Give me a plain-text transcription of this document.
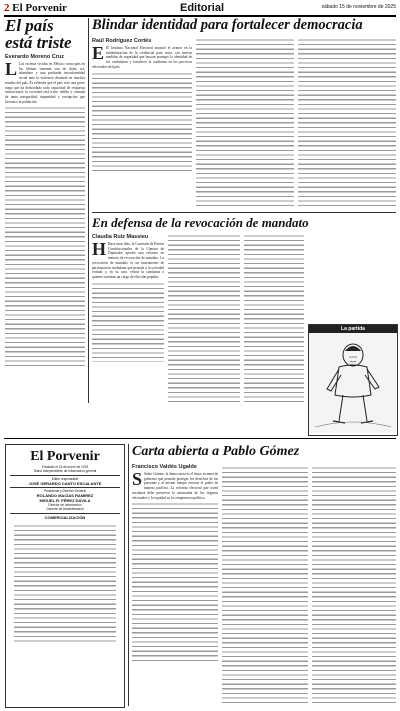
2 El Porvenir	Editorial	sábado 15 de noviembre de 2025
El país
está triste
Everardo Moreno Cruz
L Las escenas vividas en México como país en las últimas semanas son de dolor, ira, abandono y una profunda inconformidad social ante la violencia desatada en muchos estados del país. Es evidente que el país vive una grave etapa que ha desbordado toda capacidad de respuesta institucional; la sociedad está triste, dolida y cansada de tanta inseguridad, impunidad y corrupción que laceran a la población.
Blindar identidad para fortalecer democracia
Raúl Rodríguez Cortés
E El Instituto Nacional Electoral anunció el avance en la modernización de la credencial para votar, con nuevas medidas de seguridad que buscan proteger la identidad de los ciudadanos y fortalecer la confianza en los procesos electorales del país.
En defensa de la revocación de mandato
Claudia Ruiz Massieu
H Hace unos días, la Comisión de Puntos Constitucionales de la Cámara de Diputados aprobó una reforma en materia de revocación de mandato. La revocación de mandato es un instrumento de participación ciudadana que permite a la sociedad evaluar y, en su caso, retirar la confianza a quienes ostentan un cargo de elección popular.
La partida
El Porvenir
Fundado el 31 de enero de 1919
Diario independiente de información general
Editor responsable
JOSÉ GERARDO CANTÚ ESCALANTE
Presidente y Director General
ROLANDO MACÍAS RAMÍREZ
MIGUEL R. PÉREZ DÁVILA
Director de Información
Gerente de Administración
COMERCIALIZACIÓN
Carta abierta a Pablo Gómez
Francisco Valdés Ugalde
S Señor Gómez: la democracia es el único sistema de gobierno que permite proteger los derechos de las personas y al mismo tiempo renovar el poder de manera pacífica. La reforma electoral que usted encabeza debe preservar la autonomía de los órganos electorales y la equidad en la competencia política.
